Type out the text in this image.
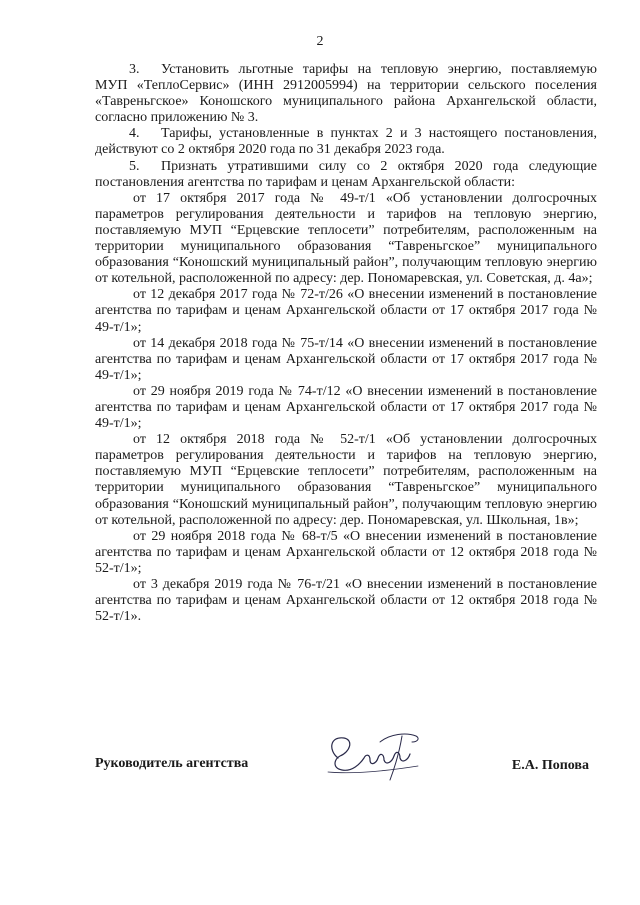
2

3. Установить льготные тарифы на тепловую энергию, поставляемую МУП «ТеплоСервис» (ИНН 2912005994) на территории сельского поселения «Тавреньгское» Коношского муниципального района Архангельской области, согласно приложению № 3.

4. Тарифы, установленные в пунктах 2 и 3 настоящего постановления, действуют со 2 октября 2020 года по 31 декабря 2023 года.

5. Признать утратившими силу со 2 октября 2020 года следующие постановления агентства по тарифам и ценам Архангельской области:

от 17 октября 2017 года № 49-т/1 «Об установлении долгосрочных параметров регулирования деятельности и тарифов на тепловую энергию, поставляемую МУП “Ерцевские теплосети” потребителям, расположенным на территории муниципального образования “Тавреньгское” муниципального образования “Коношский муниципальный район”, получающим тепловую энергию от котельной, расположенной по адресу: дер. Пономаревская, ул. Советская, д. 4а»;

от 12 декабря 2017 года № 72-т/26 «О внесении изменений в постановление агентства по тарифам и ценам Архангельской области от 17 октября 2017 года № 49-т/1»;

от 14 декабря 2018 года № 75-т/14 «О внесении изменений в постановление агентства по тарифам и ценам Архангельской области от 17 октября 2017 года № 49-т/1»;

от 29 ноября 2019 года № 74-т/12 «О внесении изменений в постановление агентства по тарифам и ценам Архангельской области от 17 октября 2017 года № 49-т/1»;

от 12 октября 2018 года № 52-т/1 «Об установлении долгосрочных параметров регулирования деятельности и тарифов на тепловую энергию, поставляемую МУП “Ерцевские теплосети” потребителям, расположенным на территории муниципального образования “Тавреньгское” муниципального образования “Коношский муниципальный район”, получающим тепловую энергию от котельной, расположенной по адресу: дер. Пономаревская, ул. Школьная, 1в»;

от 29 ноября 2018 года № 68-т/5 «О внесении изменений в постановление агентства по тарифам и ценам Архангельской области от 12 октября 2018 года № 52-т/1»;

от 3 декабря 2019 года № 76-т/21 «О внесении изменений в постановление агентства по тарифам и ценам Архангельской области от 12 октября 2018 года № 52-т/1».

Руководитель агентства	Е.А. Попова
